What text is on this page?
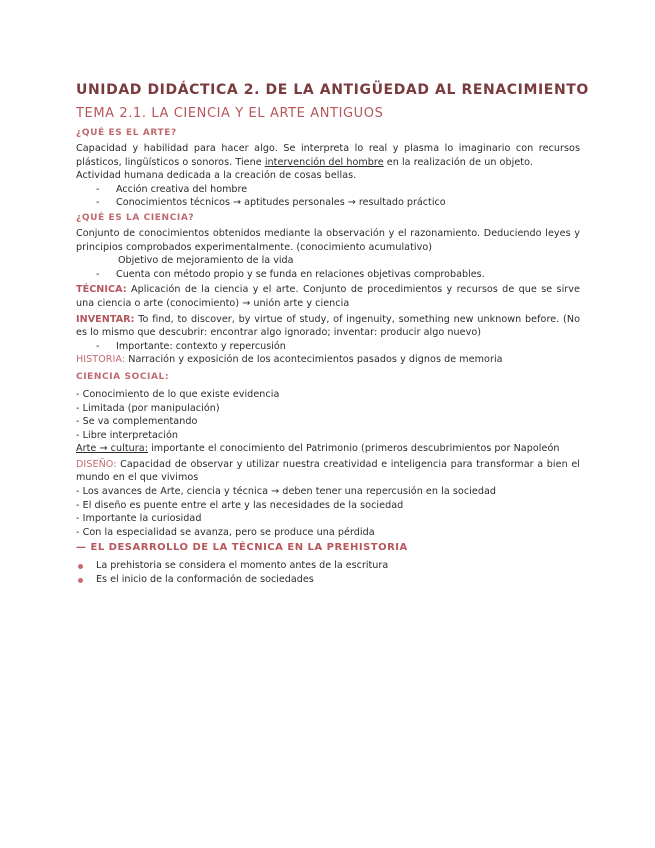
UNIDAD DIDÁCTICA 2. DE LA ANTIGÜEDAD AL RENACIMIENTO
TEMA 2.1. LA CIENCIA Y EL ARTE ANTIGUOS
¿QUÉ ES EL ARTE?

Capacidad y habilidad para hacer algo. Se interpreta lo real y plasma lo imaginario con recursos plásticos, lingüísticos o sonoros. Tiene intervención del hombre en la realización de un objeto.

Actividad humana dedicada a la creación de cosas bellas.

- Acción creativa del hombre
- Conocimientos técnicos → aptitudes personales → resultado práctico
¿QUÉ ES LA CIENCIA?

Conjunto de conocimientos obtenidos mediante la observación y el razonamiento. Deduciendo leyes y principios comprobados experimentalmente. (conocimiento acumulativo)

Objetivo de mejoramiento de la vida
- Cuenta con método propio y se funda en relaciones objetivas comprobables.

TÉCNICA: Aplicación de la ciencia y el arte. Conjunto de procedimientos y recursos de que se sirve una ciencia o arte (conocimiento) → unión arte y ciencia

INVENTAR: To find, to discover, by virtue of study, of ingenuity, something new unknown before. (No es lo mismo que descubrir: encontrar algo ignorado; inventar: producir algo nuevo)

- Importante: contexto y repercusión

HISTORIA: Narración y exposición de los acontecimientos pasados y dignos de memoria

CIENCIA SOCIAL:
- Conocimiento de lo que existe evidencia
- Limitada (por manipulación)
- Se va complementando
- Libre interpretación

Arte → cultura: importante el conocimiento del Patrimonio (primeros descubrimientos por Napoleón

DISEÑO: Capacidad de observar y utilizar nuestra creatividad e inteligencia para transformar a bien el mundo en el que vivimos

- Los avances de Arte, ciencia y técnica → deben tener una repercusión en la sociedad
- El diseño es puente entre el arte y las necesidades de la sociedad
- Importante la curiosidad
- Con la especialidad se avanza, pero se produce una pérdida
— EL DESARROLLO DE LA TÉCNICA EN LA PREHISTORIA
La prehistoria se considera el momento antes de la escritura
Es el inicio de la conformación de sociedades
